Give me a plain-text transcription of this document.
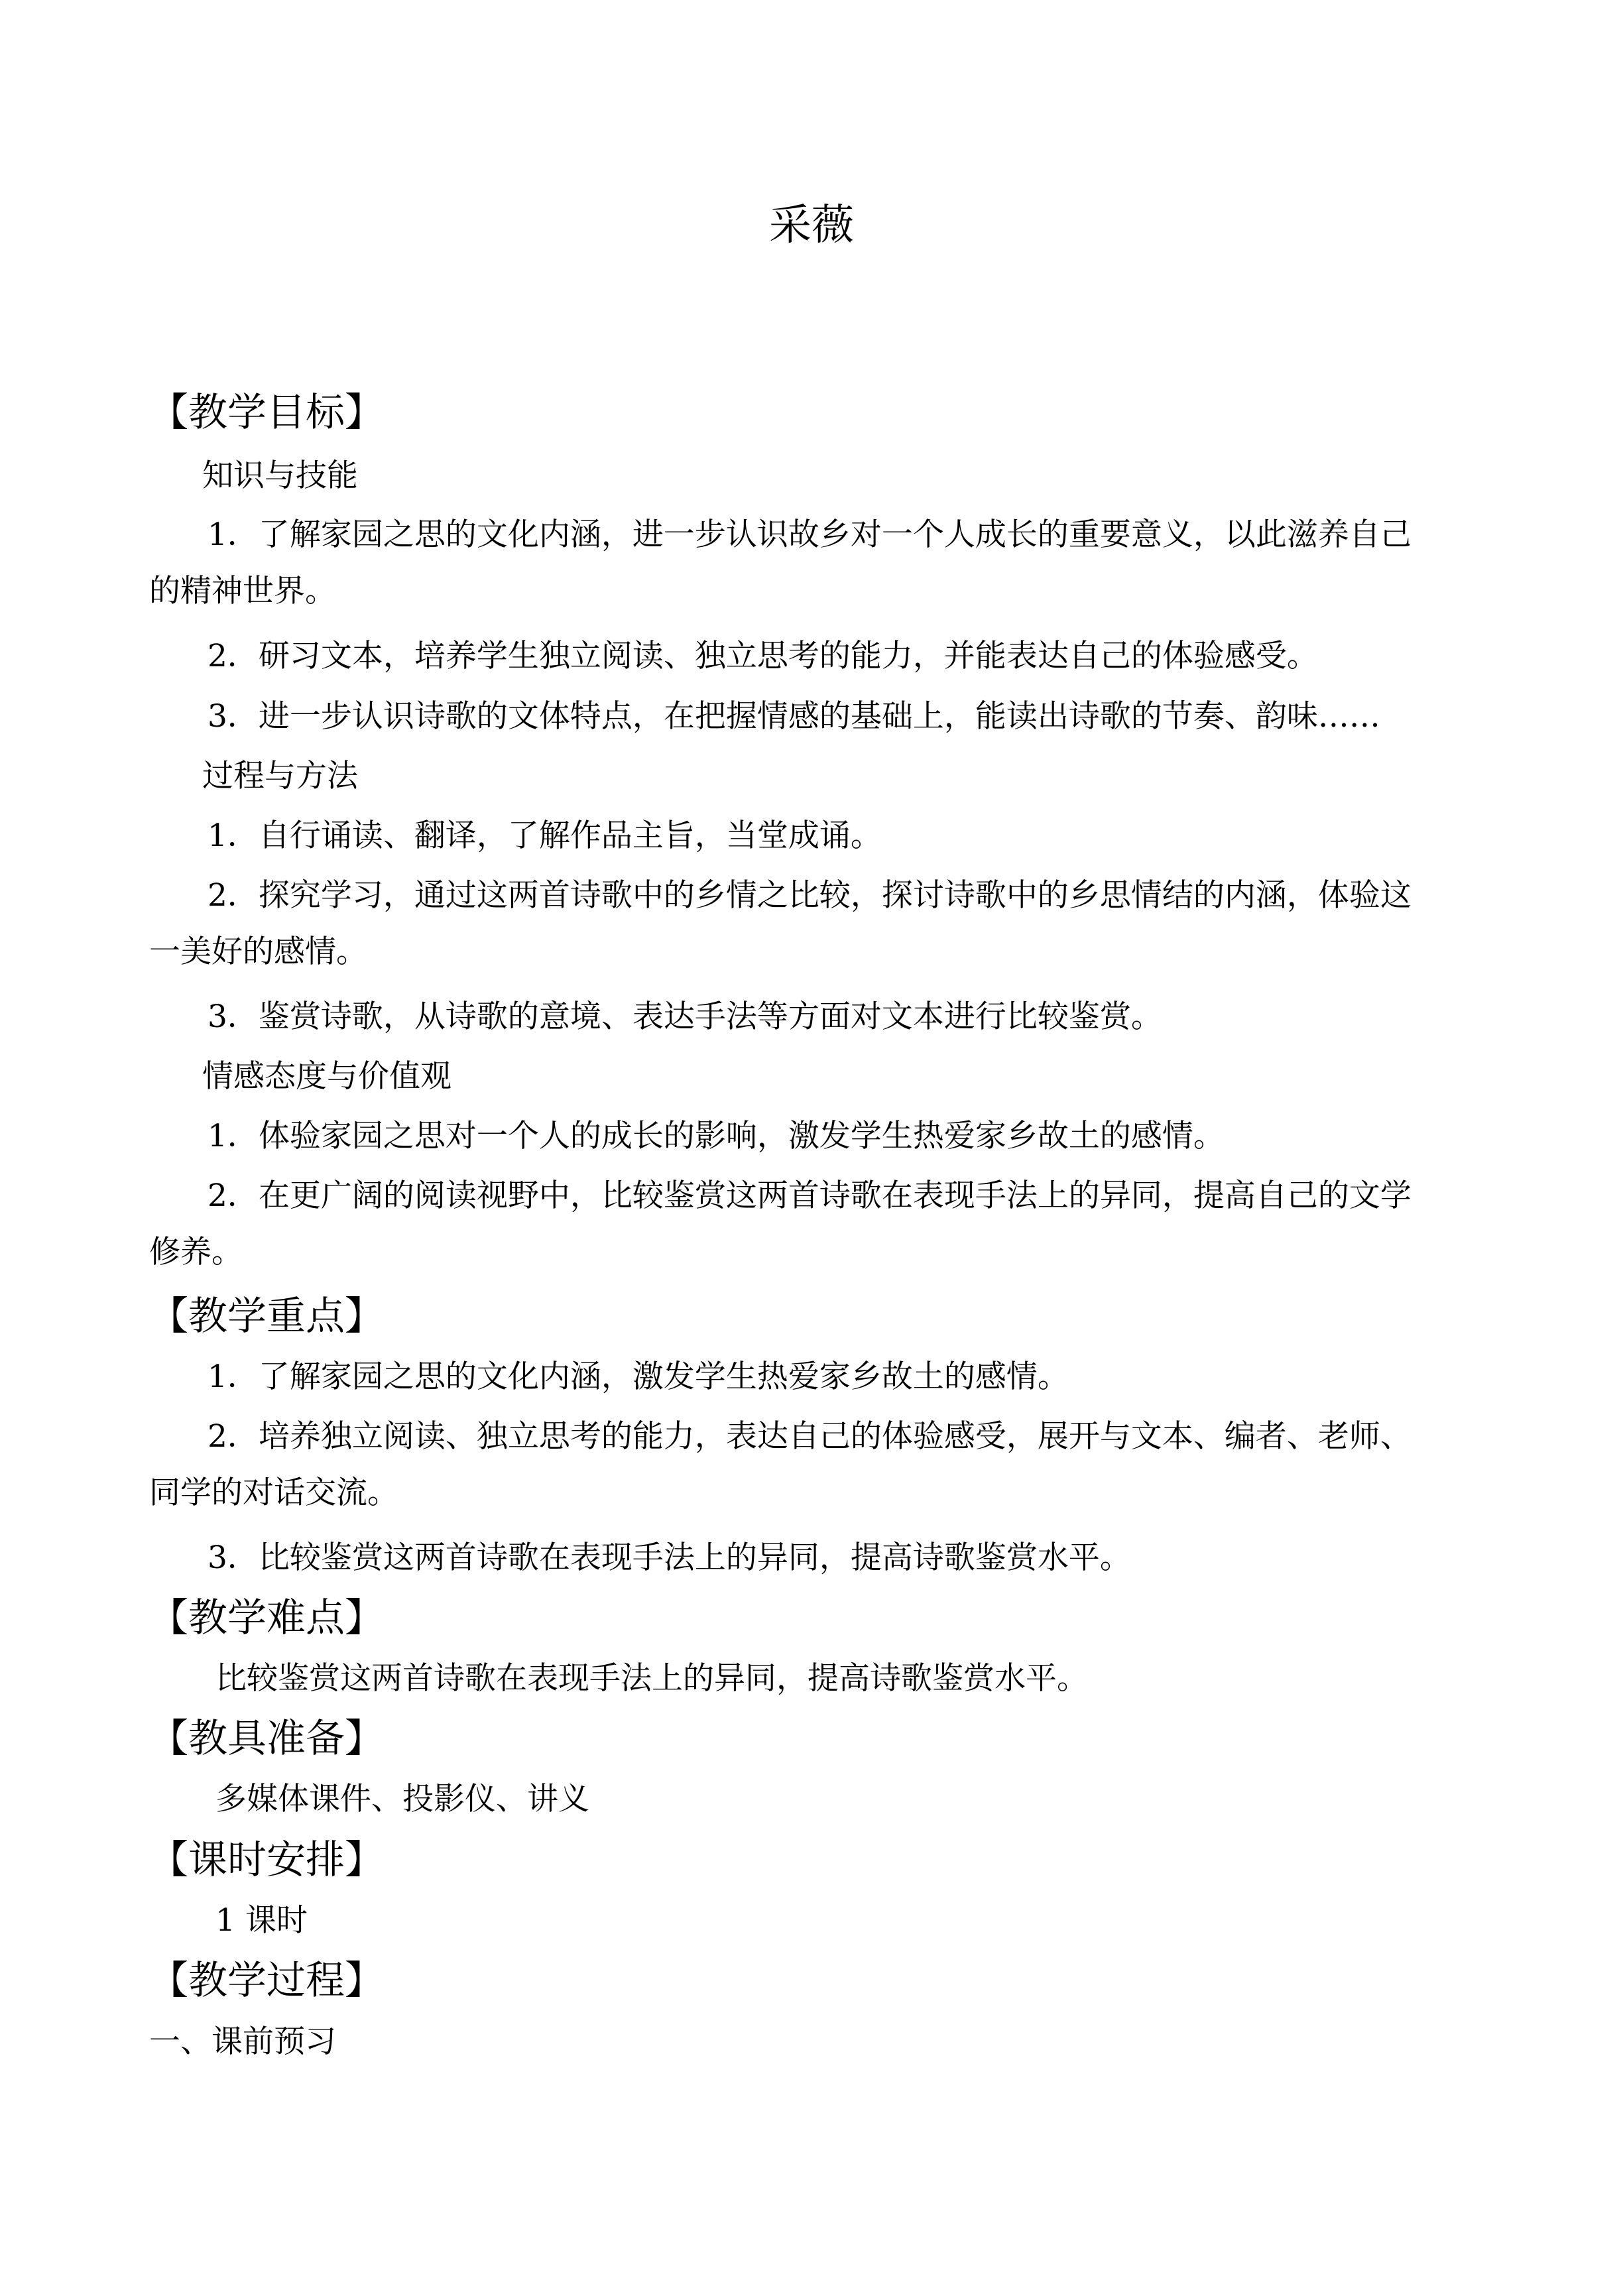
采薇
【教学目标】
知识与技能
1．了解家园之思的文化内涵，进一步认识故乡对一个人成长的重要意义，以此滋养自己
的精神世界。
2．研习文本，培养学生独立阅读、独立思考的能力，并能表达自己的体验感受。
3．进一步认识诗歌的文体特点，在把握情感的基础上，能读出诗歌的节奏、韵味……
过程与方法
1．自行诵读、翻译，了解作品主旨，当堂成诵。
2．探究学习，通过这两首诗歌中的乡情之比较，探讨诗歌中的乡思情结的内涵，体验这
一美好的感情。
3．鉴赏诗歌，从诗歌的意境、表达手法等方面对文本进行比较鉴赏。
情感态度与价值观
1．体验家园之思对一个人的成长的影响，激发学生热爱家乡故土的感情。
2．在更广阔的阅读视野中，比较鉴赏这两首诗歌在表现手法上的异同，提高自己的文学
修养。
【教学重点】
1．了解家园之思的文化内涵，激发学生热爱家乡故土的感情。
2．培养独立阅读、独立思考的能力，表达自己的体验感受，展开与文本、编者、老师、
同学的对话交流。
3．比较鉴赏这两首诗歌在表现手法上的异同，提高诗歌鉴赏水平。
【教学难点】
比较鉴赏这两首诗歌在表现手法上的异同，提高诗歌鉴赏水平。
【教具准备】
多媒体课件、投影仪、讲义
【课时安排】
1 课时
【教学过程】
一、课前预习
